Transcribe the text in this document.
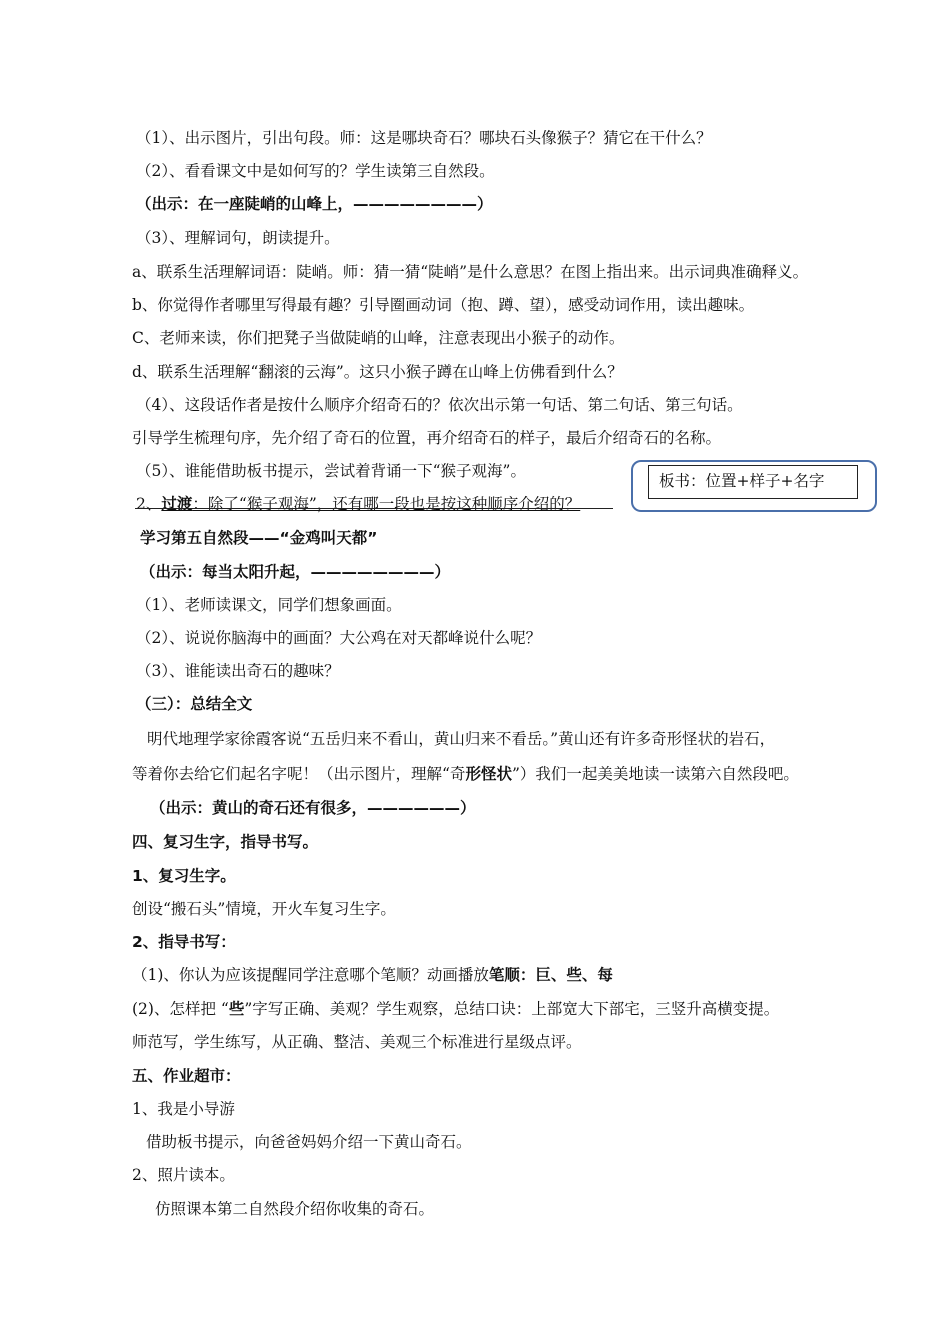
（1）、出示图片，引出句段。师：这是哪块奇石？哪块石头像猴子？猜它在干什么？
（2）、看看课文中是如何写的？学生读第三自然段。
（出示：在一座陡峭的山峰上，————————）
（3）、理解词句，朗读提升。
a、联系生活理解词语：陡峭。师：猜一猜“陡峭”是什么意思？在图上指出来。出示词典准确释义。
b、你觉得作者哪里写得最有趣？引导圈画动词（抱、蹲、望），感受动词作用，读出趣味。
C、老师来读，你们把凳子当做陡峭的山峰，注意表现出小猴子的动作。
d、联系生活理解“翻滚的云海”。这只小猴子蹲在山峰上仿佛看到什么？
（4）、这段话作者是按什么顺序介绍奇石的？依次出示第一句话、第二句话、第三句话。
引导学生梳理句序，先介绍了奇石的位置，再介绍奇石的样子，最后介绍奇石的名称。
（5）、谁能借助板书提示，尝试着背诵一下“猴子观海”。
2、过渡：除了“猴子观海”，还有哪一段也是按这种顺序介绍的？
学习第五自然段——“金鸡叫天都”
（出示：每当太阳升起，————————）
（1）、老师读课文，同学们想象画面。
（2）、说说你脑海中的画面？大公鸡在对天都峰说什么呢？
（3）、谁能读出奇石的趣味？
（三）：总结全文
明代地理学家徐霞客说“五岳归来不看山，黄山归来不看岳。”黄山还有许多奇形怪状的岩石，
等着你去给它们起名字呢！（出示图片，理解“奇形怪状”）我们一起美美地读一读第六自然段吧。
（出示：黄山的奇石还有很多，——————）
四、复习生字，指导书写。
1、复习生字。
创设“搬石头”情境，开火车复习生字。
2、指导书写：
（1)、你认为应该提醒同学注意哪个笔顺？动画播放笔顺：巨、些、每
(2)、怎样把 “些”字写正确、美观？学生观察，总结口诀：上部宽大下部宅，三竖升高横变提。
师范写，学生练写，从正确、整洁、美观三个标准进行星级点评。
五、作业超市：
1、我是小导游
借助板书提示，向爸爸妈妈介绍一下黄山奇石。
2、照片读本。
仿照课本第二自然段介绍你收集的奇石。
板书：位置+样子+名字
